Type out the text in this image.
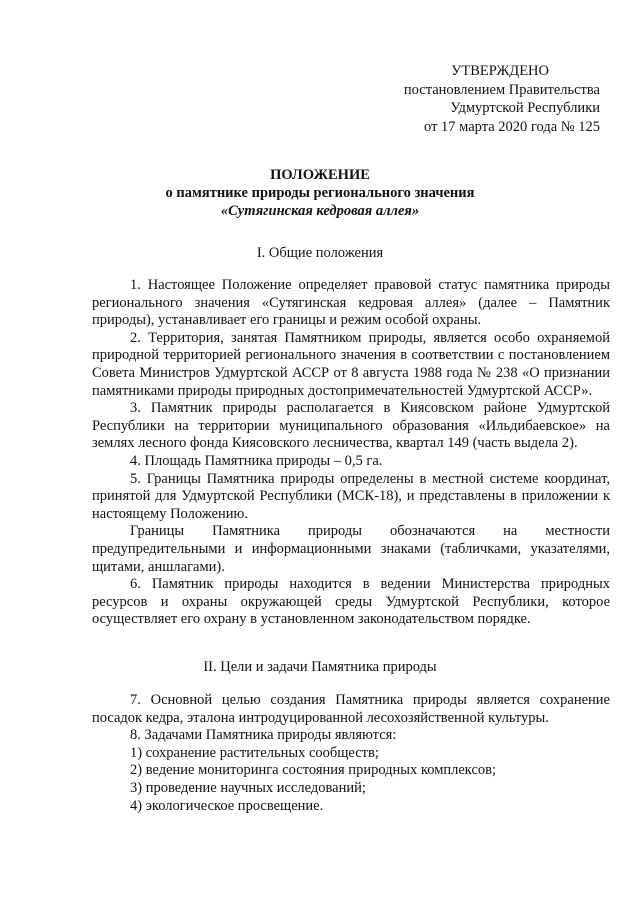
УТВЕРЖДЕНО
постановлением Правительства
Удмуртской Республики
от 17 марта 2020 года № 125
ПОЛОЖЕНИЕ
о памятнике природы регионального значения
«Сутягинская кедровая аллея»
I. Общие положения

1. Настоящее Положение определяет правовой статус памятника природы регионального значения «Сутягинская кедровая аллея» (далее – Памятник природы), устанавливает его границы и режим особой охраны.

2. Территория, занятая Памятником природы, является особо охраняемой природной территорией регионального значения в соответствии с постановлением Совета Министров Удмуртской АССР от 8 августа 1988 года № 238 «О признании памятниками природы природных достопримечательностей Удмуртской АССР».

3. Памятник природы располагается в Киясовском районе Удмуртской Республики на территории муниципального образования «Ильдибаевское» на землях лесного фонда Киясовского лесничества, квартал 149 (часть выдела 2).

4. Площадь Памятника природы – 0,5 га.

5. Границы Памятника природы определены в местной системе координат, принятой для Удмуртской Республики (МСК-18), и представлены в приложении к настоящему Положению.

Границы Памятника природы обозначаются на местности предупредительными и информационными знаками (табличками, указателями, щитами, аншлагами).

6. Памятник природы находится в ведении Министерства природных ресурсов и охраны окружающей среды Удмуртской Республики, которое осуществляет его охрану в установленном законодательством порядке.

II. Цели и задачи Памятника природы

7. Основной целью создания Памятника природы является сохранение посадок кедра, эталона интродуцированной лесохозяйственной культуры.

8. Задачами Памятника природы являются:

1) сохранение растительных сообществ;

2) ведение мониторинга состояния природных комплексов;

3) проведение научных исследований;

4) экологическое просвещение.
